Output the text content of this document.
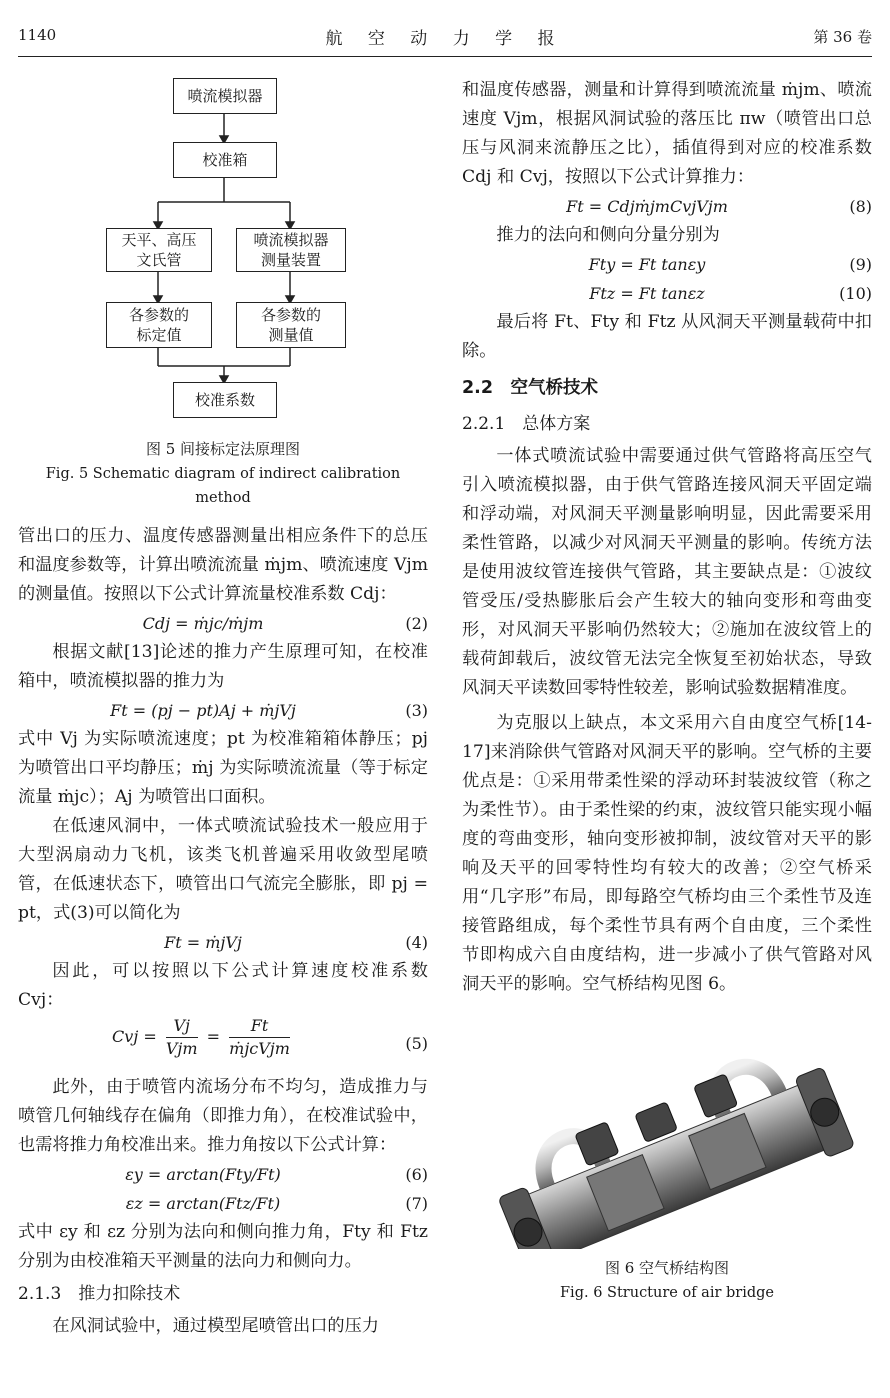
1140	航 空 动 力 学 报	第 36 卷
喷流模拟器
校准箱
天平、高压
文氏管
喷流模拟器
测量装置
各参数的
标定值
各参数的
测量值
校准系数
图 5 间接标定法原理图
Fig. 5 Schematic diagram of indirect calibration method

管出口的压力、温度传感器测量出相应条件下的总压和温度参数等，计算出喷流流量 ṁjm、喷流速度 Vjm 的测量值。按照以下公式计算流量校准系数 Cdj：

Cdj = ṁjc/ṁjm	(2)

根据文献[13]论述的推力产生原理可知，在校准箱中，喷流模拟器的推力为

Ft = (pj − pt)Aj + ṁjVj	(3)

式中 Vj 为实际喷流速度；pt 为校准箱箱体静压；pj 为喷管出口平均静压；ṁj 为实际喷流流量（等于标定流量 ṁjc）；Aj 为喷管出口面积。

在低速风洞中，一体式喷流试验技术一般应用于大型涡扇动力飞机，该类飞机普遍采用收敛型尾喷管，在低速状态下，喷管出口气流完全膨胀，即 pj = pt，式(3)可以简化为

Ft = ṁjVj	(4)

因此，可以按照以下公式计算速度校准系数 Cvj：

Cvj = $\frac{Vj}{\text{Vjm}} = \frac{Ft}{\text{ṁjcVjm}}$	(5)

此外，由于喷管内流场分布不均匀，造成推力与喷管几何轴线存在偏角（即推力角），在校准试验中，也需将推力角校准出来。推力角按以下公式计算：

εy = arctan(Fty/Ft)	(6)
εz = arctan(Ftz/Ft)	(7)

式中 εy 和 εz 分别为法向和侧向推力角，Fty 和 Ftz 分别为由校准箱天平测量的法向力和侧向力。

2.1.3　推力扣除技术

在风洞试验中，通过模型尾喷管出口的压力

和温度传感器，测量和计算得到喷流流量 ṁjm、喷流速度 Vjm，根据风洞试验的落压比 πw（喷管出口总压与风洞来流静压之比），插值得到对应的校准系数 Cdj 和 Cvj，按照以下公式计算推力：

Ft = CdjṁjmCvjVjm	(8)

推力的法向和侧向分量分别为

Fty = Ft tanεy	(9)
Ftz = Ft tanεz	(10)

最后将 Ft、Fty 和 Ftz 从风洞天平测量载荷中扣除。

2.2　空气桥技术
2.2.1　总体方案

一体式喷流试验中需要通过供气管路将高压空气引入喷流模拟器，由于供气管路连接风洞天平固定端和浮动端，对风洞天平测量影响明显，因此需要采用柔性管路，以减少对风洞天平测量的影响。传统方法是使用波纹管连接供气管路，其主要缺点是：①波纹管受压/受热膨胀后会产生较大的轴向变形和弯曲变形，对风洞天平影响仍然较大；②施加在波纹管上的载荷卸载后，波纹管无法完全恢复至初始状态，导致风洞天平读数回零特性较差，影响试验数据精准度。

为克服以上缺点，本文采用六自由度空气桥[14-17]来消除供气管路对风洞天平的影响。空气桥的主要优点是：①采用带柔性梁的浮动环封装波纹管（称之为柔性节）。由于柔性梁的约束，波纹管只能实现小幅度的弯曲变形，轴向变形被抑制，波纹管对天平的影响及天平的回零特性均有较大的改善；②空气桥采用“几字形”布局，即每路空气桥均由三个柔性节及连接管路组成，每个柔性节具有两个自由度，三个柔性节即构成六自由度结构，进一步减小了供气管路对风洞天平的影响。空气桥结构见图 6。

图 6 空气桥结构图
Fig. 6 Structure of air bridge
